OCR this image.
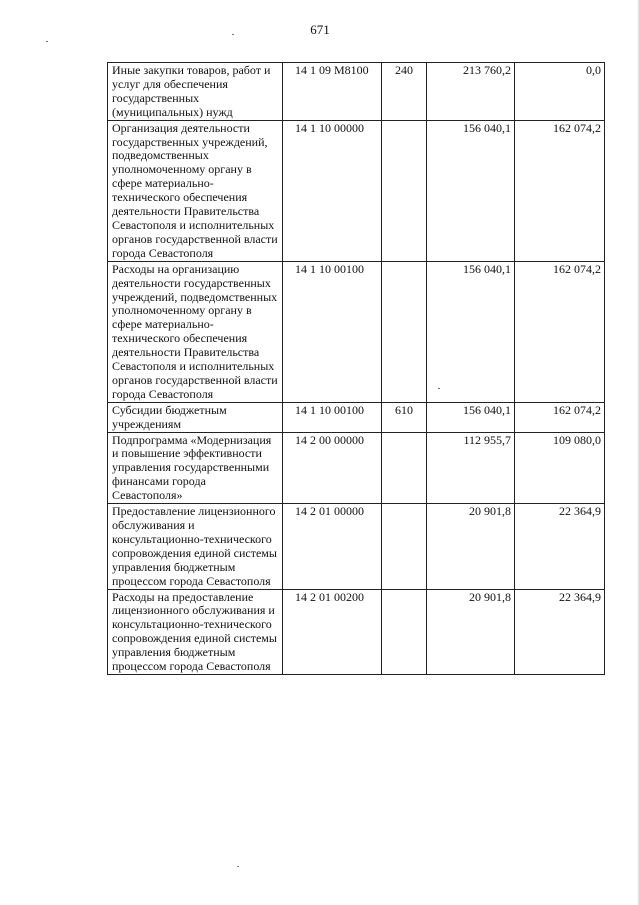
671
Иные закупки товаров, работ и услуг для обеспечения государственных (муниципальных) нужд	14 1 09 М8100	240	213 760,2	0,0
Организация деятельности государственных учреждений, подведомственных уполномоченному органу в сфере материально-технического обеспечения деятельности Правительства Севастополя и исполнительных органов государственной власти города Севастополя	14 1 10 00000		156 040,1	162 074,2
Расходы на организацию деятельности государственных учреждений, подведомственных уполномоченному органу в сфере материально-технического обеспечения деятельности Правительства Севастополя и исполнительных органов государственной власти города Севастополя	14 1 10 00100		156 040,1	162 074,2
Субсидии бюджетным учреждениям	14 1 10 00100	610	156 040,1	162 074,2
Подпрограмма «Модернизация и повышение эффективности управления государственными финансами города Севастополя»	14 2 00 00000		112 955,7	109 080,0
Предоставление лицензионного обслуживания и консультационно-технического сопровождения единой системы управления бюджетным процессом города Севастополя	14 2 01 00000		20 901,8	22 364,9
Расходы на предоставление лицензионного обслуживания и консультационно-технического сопровождения единой системы управления бюджетным процессом города Севастополя	14 2 01 00200		20 901,8	22 364,9
